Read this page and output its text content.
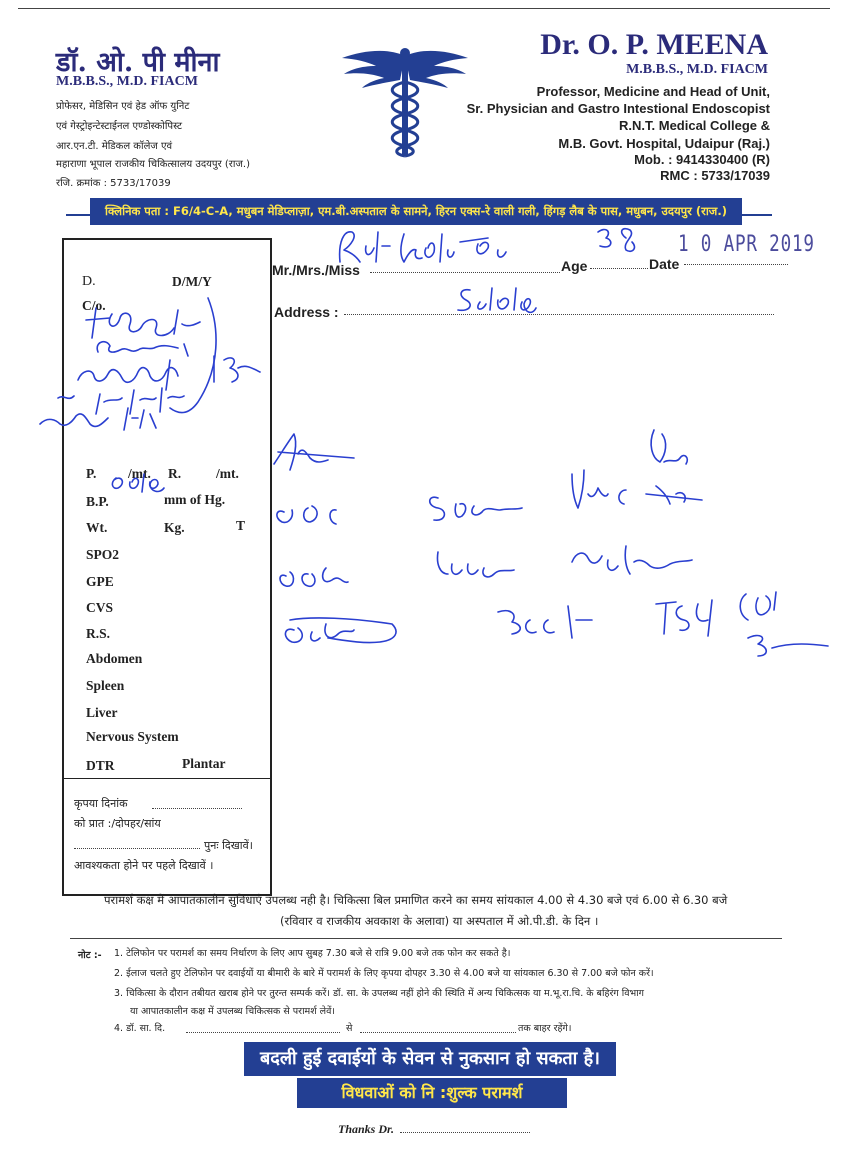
डॉ. ओ. पी मीना
M.B.B.S., M.D. FIACM
प्रोफेसर, मेडिसिन एवं हेड ऑफ युनिट
एवं गेस्ट्रोइन्टेस्टाईनल एण्डोस्कोपिस्ट
आर.एन.टी. मेडिकल कॉलेज एवं
महाराणा भूपाल राजकीय चिकित्सालय उदयपुर (राज.)
रजि. क्रमांक : 5733/17039
Dr. O. P. MEENA
M.B.B.S., M.D. FIACM
Professor, Medicine and Head of Unit,
Sr. Physician and Gastro Intestional Endoscopist
R.N.T. Medical College &
M.B. Govt. Hospital, Udaipur (Raj.)
Mob. : 9414330400 (R)
RMC : 5733/17039
क्लिनिक पता : F6/4-C-A, मधुबन मेडिप्लाज़ा, एम.बी.अस्पताल के सामने, हिरन एक्स-रे वाली गली, हिंगड़ लैब के पास, मधुबन, उदयपुर (राज.)
D.	D/M/Y
C/o.
P. /mt. R.	/mt.
B.P.	mm of Hg.
Wt.	Kg.	T
SPO2
GPE
CVS
R.S.
Abdomen
Spleen
Liver
Nervous System
DTR	Plantar
कृपया दिनांक
को प्रात :/दोपहर/सांय
पुनः दिखावें।
आवश्यकता होने पर पहले दिखावें ।
Mr./Mrs./Miss	Age	Date
1 0 APR 2019
Address :
परामर्श कक्ष में आपातकालीन सुविधाएँ उपलब्ध नही है। चिकित्सा बिल प्रमाणित करने का समय सांयकाल 4.00 से 4.30 बजे एवं 6.00 से 6.30 बजे
(रविवार व राजकीय अवकाश के अलावा) या अस्पताल में ओ.पी.डी. के दिन ।
नोट :- 1. टेलिफोन पर परामर्श का समय निर्धारण के लिए आप सुबह 7.30 बजे से रात्रि 9.00 बजे तक फोन कर सकते है।
2. ईलाज चलते हुए टेलिफोन पर दवाईयों या बीमारी के बारे में परामर्श के लिए कृपया दोपहर 3.30 से 4.00 बजे या सांयकाल 6.30 से 7.00 बजे फोन करें।
3. चिकित्सा के दौरान तबीयत खराब होने पर तुरन्त सम्पर्क करें। डॉ. सा. के उपलब्ध नहीं होने की स्थिति में अन्य चिकित्सक या म.भू.रा.चि. के बहिरंग विभाग
या आपातकालीन कक्ष में उपलब्ध चिकित्सक से परामर्श लेवें।
4. डॉ. सा. दि.	से	तक बाहर रहेंगे।
बदली हुई दवाईयों के सेवन से नुकसान हो सकता है।
विधवाओं को नि :शुल्क परामर्श
Thanks Dr.
